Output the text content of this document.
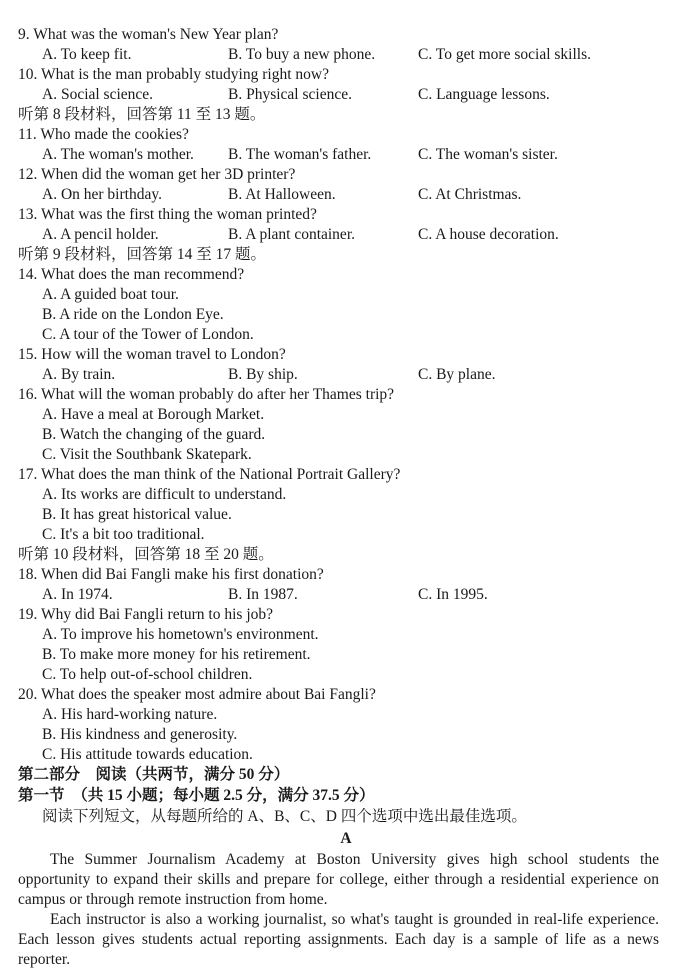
9. What was the woman's New Year plan?
A. To keep fit.	B. To buy a new phone.	C. To get more social skills.
10. What is the man probably studying right now?
A. Social science.	B. Physical science.	C. Language lessons.
听第 8 段材料，回答第 11 至 13 题。
11. Who made the cookies?
A. The woman's mother. B. The woman's father.	C. The woman's sister.
12. When did the woman get her 3D printer?
A. On her birthday.	B. At Halloween.	C. At Christmas.
13. What was the first thing the woman printed?
A. A pencil holder.	B. A plant container.	C. A house decoration.
听第 9 段材料，回答第 14 至 17 题。
14. What does the man recommend?
A. A guided boat tour.
B. A ride on the London Eye.
C. A tour of the Tower of London.
15. How will the woman travel to London?
A. By train.	B. By ship.	C. By plane.
16. What will the woman probably do after her Thames trip?
A. Have a meal at Borough Market.
B. Watch the changing of the guard.
C. Visit the Southbank Skatepark.
17. What does the man think of the National Portrait Gallery?
A. Its works are difficult to understand.
B. It has great historical value.
C. It's a bit too traditional.
听第 10 段材料，回答第 18 至 20 题。
18. When did Bai Fangli make his first donation?
A. In 1974.	B. In 1987.	C. In 1995.
19. Why did Bai Fangli return to his job?
A. To improve his hometown's environment.
B. To make more money for his retirement.
C. To help out-of-school children.
20. What does the speaker most admire about Bai Fangli?
A. His hard-working nature.
B. His kindness and generosity.
C. His attitude towards education.
第二部分　阅读（共两节，满分 50 分）
第一节　（共 15 小题；每小题 2.5 分，满分 37.5 分）
阅读下列短文，从每题所给的 A、B、C、D 四个选项中选出最佳选项。
A
The Summer Journalism Academy at Boston University gives high school students the opportunity to expand their skills and prepare for college, either through a residential experience on campus or through remote instruction from home.
Each instructor is also a working journalist, so what's taught is grounded in real-life experience. Each lesson gives students actual reporting assignments. Each day is a sample of life as a news reporter.
